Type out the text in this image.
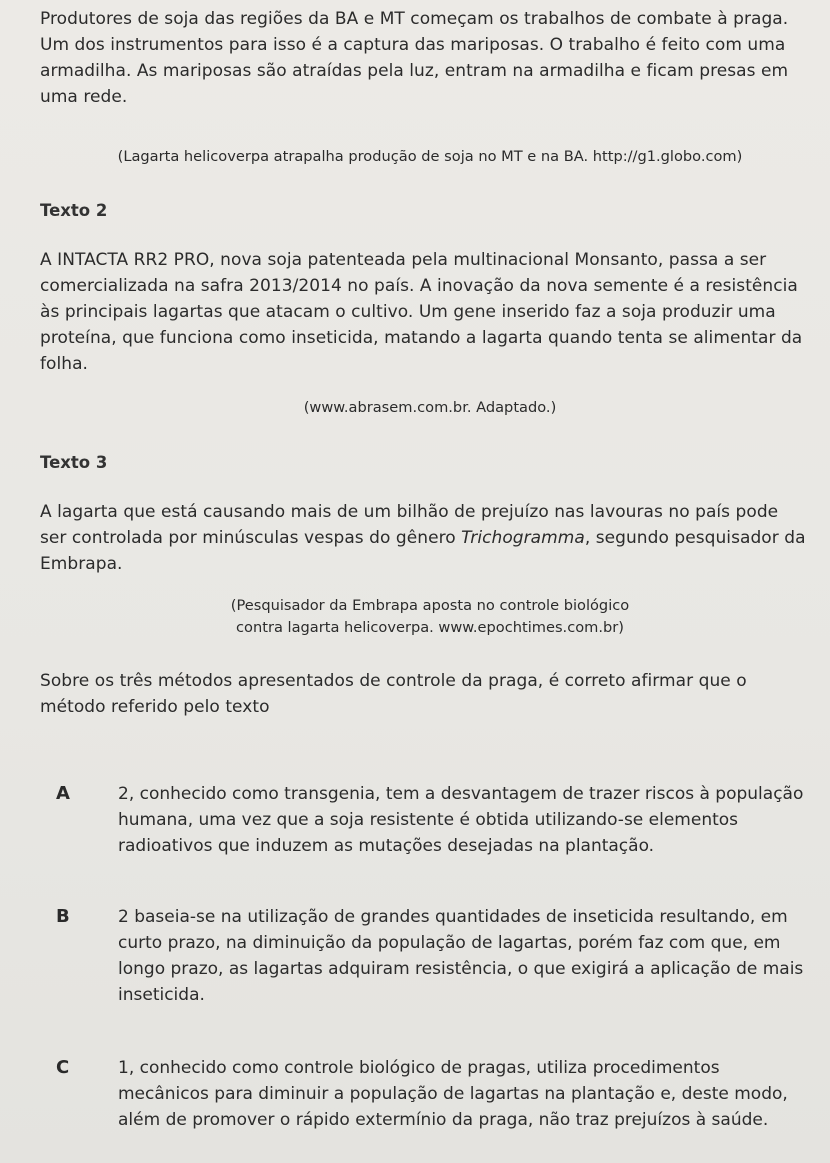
Produtores de soja das regiões da BA e MT começam os trabalhos de combate à praga. Um dos instrumentos para isso é a captura das mariposas. O trabalho é feito com uma armadilha. As mariposas são atraídas pela luz, entram na armadilha e ficam presas em uma rede.
(Lagarta helicoverpa atrapalha produção de soja no MT e na BA. http://g1.globo.com)
Texto 2
A INTACTA RR2 PRO, nova soja patenteada pela multinacional Monsanto, passa a ser comercializada na safra 2013/2014 no país. A inovação da nova semente é a resistência às principais lagartas que atacam o cultivo. Um gene inserido faz a soja produzir uma proteína, que funciona como inseticida, matando a lagarta quando tenta se alimentar da folha.
(www.abrasem.com.br. Adaptado.)
Texto 3
A lagarta que está causando mais de um bilhão de prejuízo nas lavouras no país pode ser controlada por minúsculas vespas do gênero Trichogramma, segundo pesquisador da Embrapa.
(Pesquisador da Embrapa aposta no controle biológico
contra lagarta helicoverpa. www.epochtimes.com.br)
Sobre os três métodos apresentados de controle da praga, é correto afirmar que o método referido pelo texto
A	2, conhecido como transgenia, tem a desvantagem de trazer riscos à população humana, uma vez que a soja resistente é obtida utilizando-se elementos radioativos que induzem as mutações desejadas na plantação.
B	2 baseia-se na utilização de grandes quantidades de inseticida resultando, em curto prazo, na diminuição da população de lagartas, porém faz com que, em longo prazo, as lagartas adquiram resistência, o que exigirá a aplicação de mais inseticida.
C	1, conhecido como controle biológico de pragas, utiliza procedimentos mecânicos para diminuir a população de lagartas na plantação e, deste modo, além de promover o rápido extermínio da praga, não traz prejuízos à saúde.
